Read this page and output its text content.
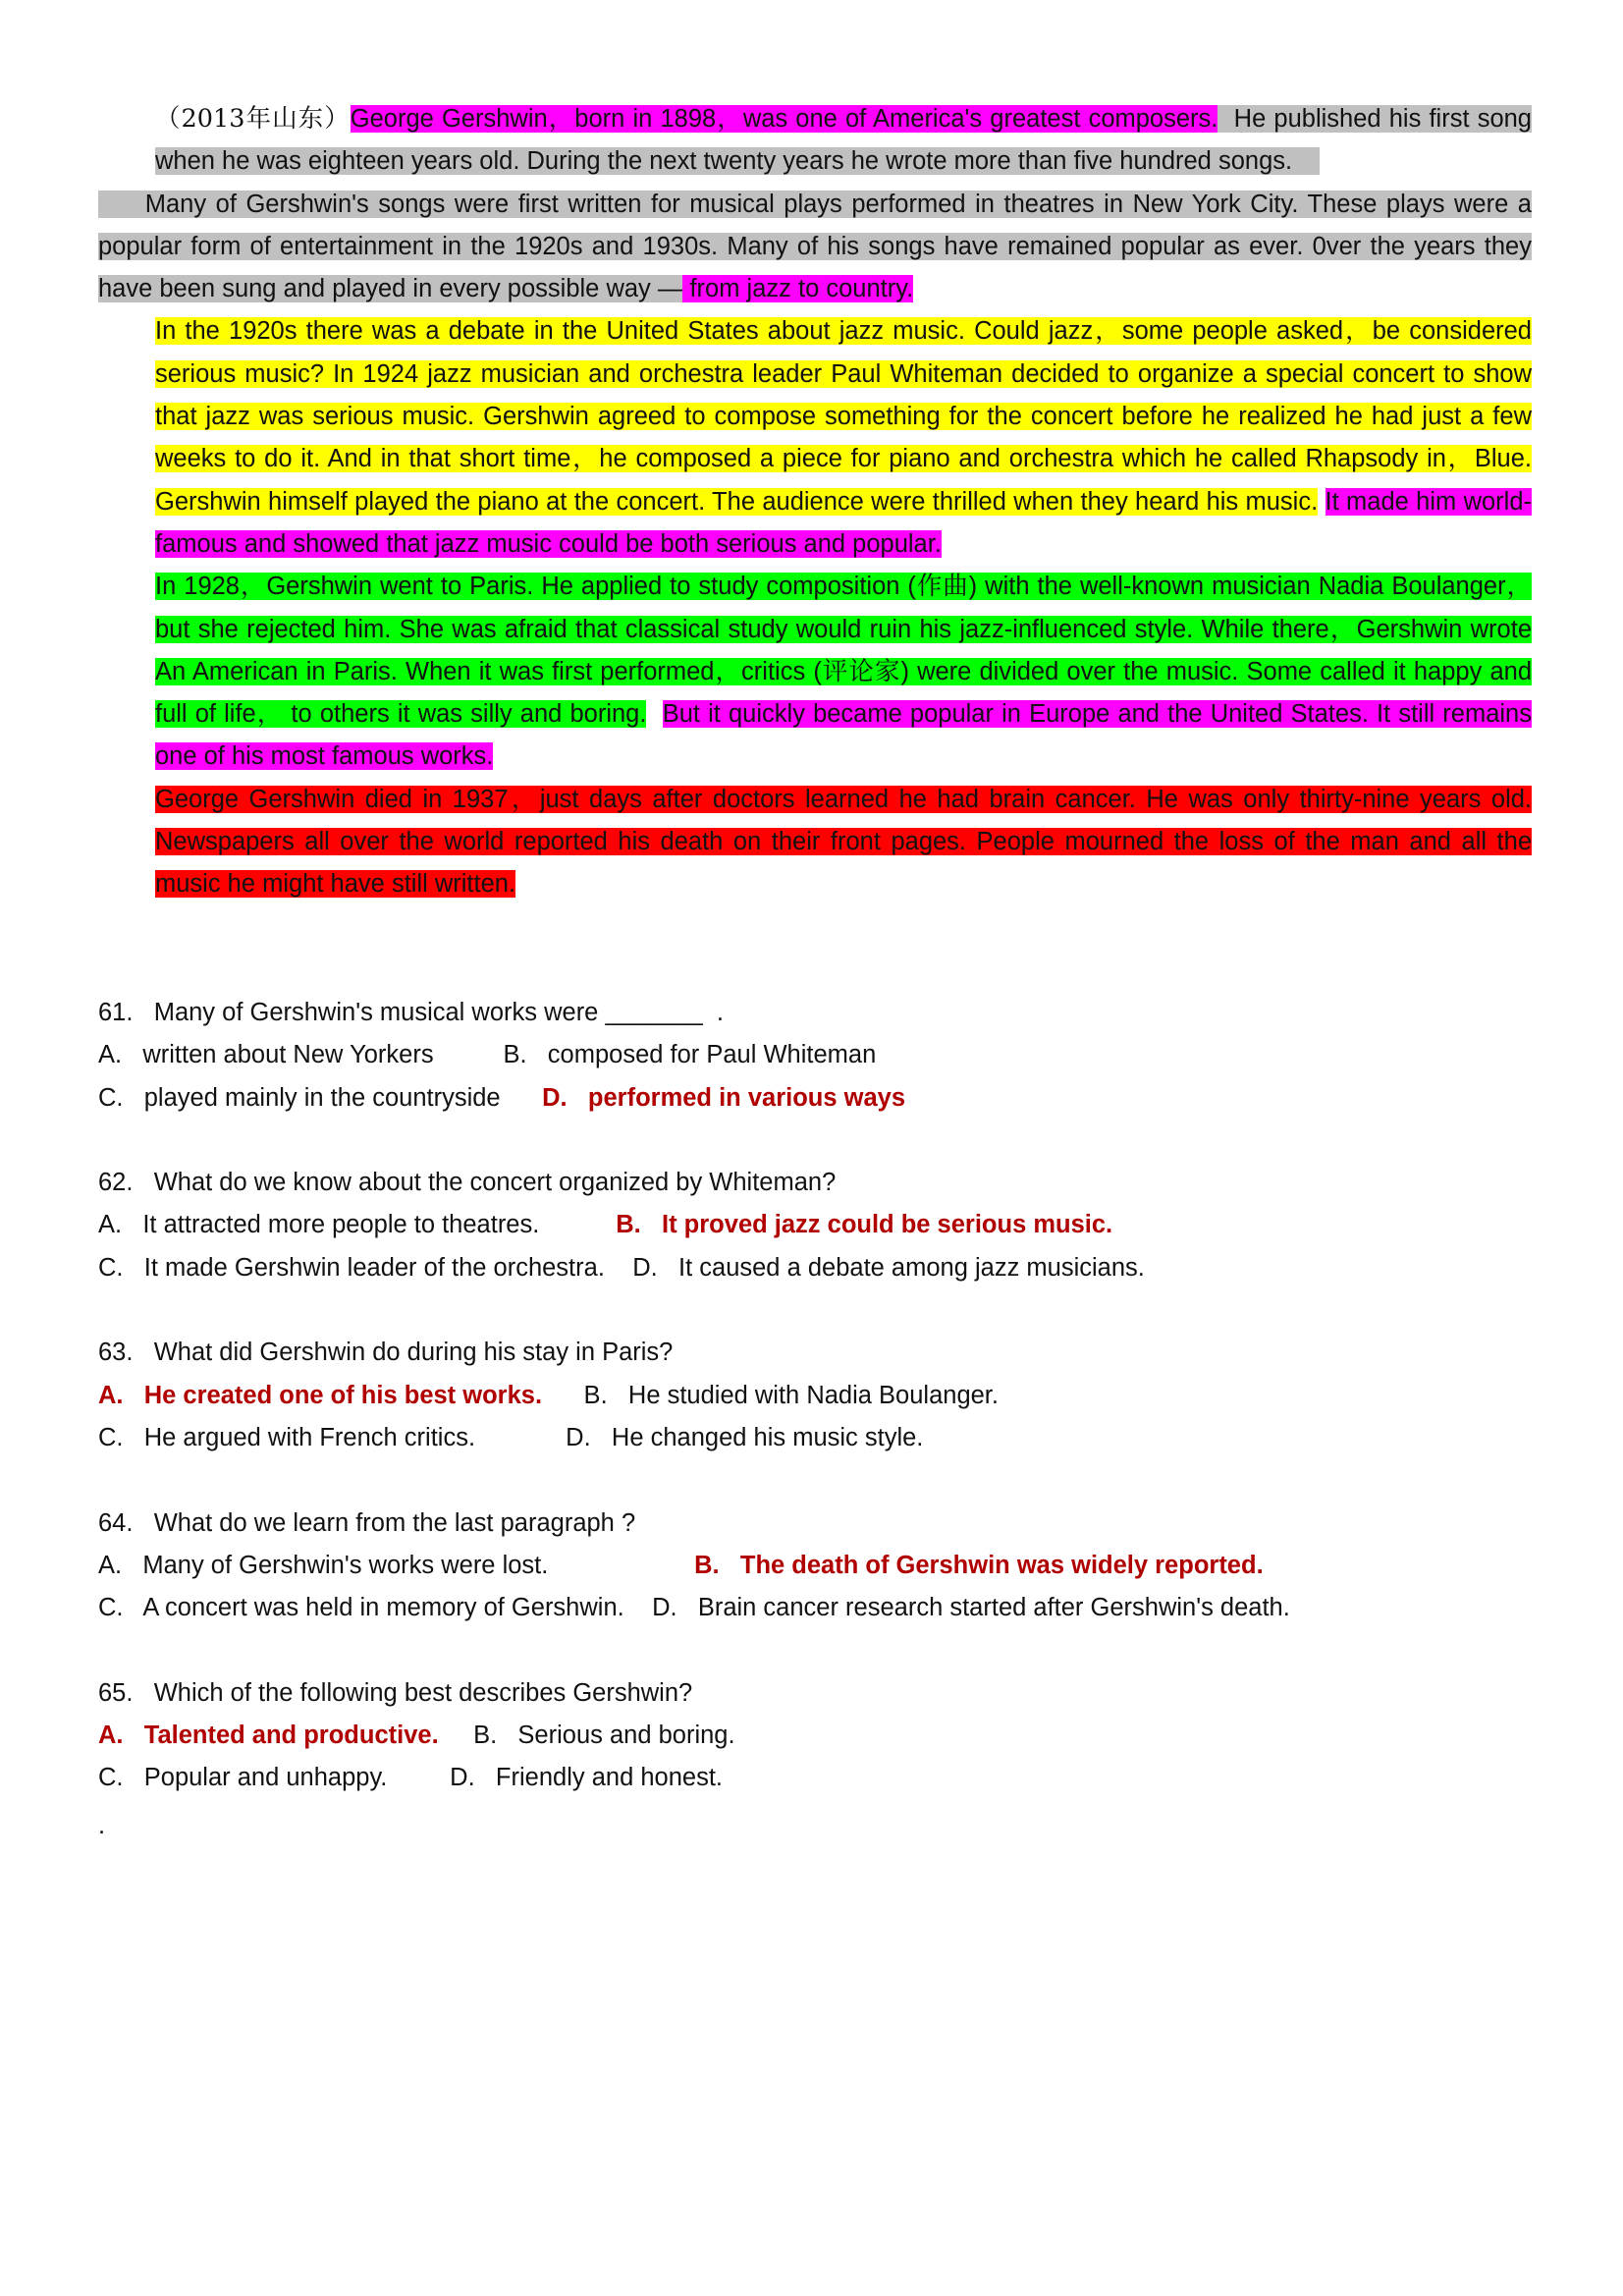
（2013年山东）George Gershwin，born in 1898，was one of America's greatest composers. He published his first song when he was eighteen years old. During the next twenty years he wrote more than five hundred songs.

Many of Gershwin's songs were first written for musical plays performed in theatres in New York City. These plays were a popular form of entertainment in the 1920s and 1930s. Many of his songs have remained popular as ever. 0ver the years they have been sung and played in every possible way — from jazz to country.

In the 1920s there was a debate in the United States about jazz music. Could jazz，some people asked，be considered serious music? In 1924 jazz musician and orchestra leader Paul Whiteman decided to organize a special concert to show that jazz was serious music. Gershwin agreed to compose something for the concert before he realized he had just a few weeks to do it. And in that short time，he composed a piece for piano and orchestra which he called Rhapsody in，Blue. Gershwin himself played the piano at the concert. The audience were thrilled when they heard his music. It made him world-famous and showed that jazz music could be both serious and popular.

In 1928，Gershwin went to Paris. He applied to study composition (作曲) with the well-known musician Nadia Boulanger，but she rejected him. She was afraid that classical study would ruin his jazz-influenced style. While there，Gershwin wrote An American in Paris. When it was first performed，critics (评论家) were divided over the music. Some called it happy and full of life， to others it was silly and boring. But it quickly became popular in Europe and the United States. It still remains one of his most famous works.

George Gershwin died in 1937，just days after doctors learned he had brain cancer. He was only thirty-nine years old. Newspapers all over the world reported his death on their front pages. People mourned the loss of the man and all the music he might have still written.

61.   Many of Gershwin's musical works were _______  .
A.   written about New Yorkers          B.   composed for Paul Whiteman
C.   played mainly in the countryside      D.   performed in various ways
62.   What do we know about the concert organized by Whiteman?
A.   It attracted more people to theatres.           B.   It proved jazz could be serious music.
C.   It made Gershwin leader of the orchestra.    D.   It caused a debate among jazz musicians.
63.   What did Gershwin do during his stay in Paris?
A.   He created one of his best works.      B.   He studied with Nadia Boulanger.
C.   He argued with French critics.             D.   He changed his music style.
64.   What do we learn from the last paragraph ?
A.   Many of Gershwin's works were lost.                     B.   The death of Gershwin was widely reported.
C.   A concert was held in memory of Gershwin.    D.   Brain cancer research started after Gershwin's death.
65.   Which of the following best describes Gershwin?
A.   Talented and productive.     B.   Serious and boring.
C.   Popular and unhappy.         D.   Friendly and honest.
.
